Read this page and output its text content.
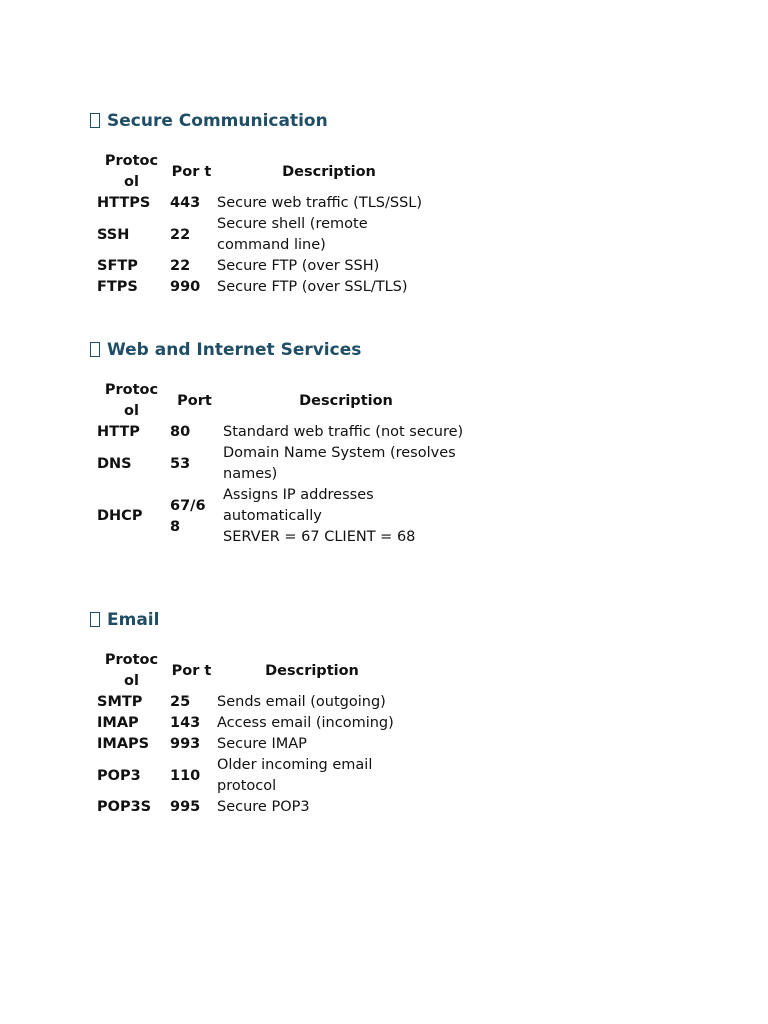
Secure Communication
Protoc ol	Por t	Description
HTTPS	443	Secure web traffic (TLS/SSL)
SSH	22	Secure shell (remote command line)
SFTP	22	Secure FTP (over SSH)
FTPS	990	Secure FTP (over SSL/TLS)
Web and Internet Services
Protoc ol	Port	Description
HTTP	80	Standard web traffic (not secure)
DNS	53	Domain Name System (resolves names)
DHCP	67/6 8	Assigns IP addresses automatically
SERVER = 67 CLIENT = 68
Email
Protoc ol	Por t	Description
SMTP	25	Sends email (outgoing)
IMAP	143	Access email (incoming)
IMAPS	993	Secure IMAP
POP3	110	Older incoming email protocol
POP3S	995	Secure POP3
